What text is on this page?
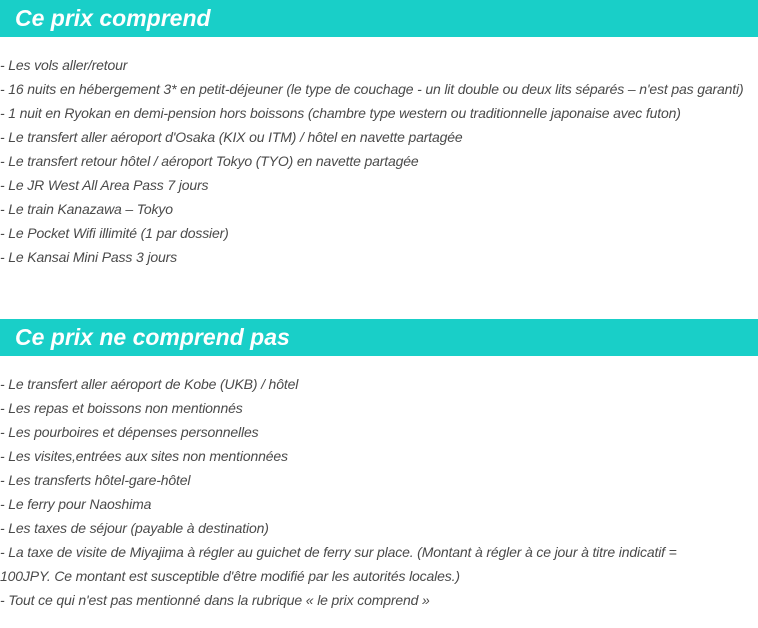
Ce prix comprend
- Les vols aller/retour
- 16 nuits en hébergement 3* en petit-déjeuner (le type de couchage - un lit double ou deux lits séparés – n'est pas garanti)
- 1 nuit en Ryokan en demi-pension hors boissons (chambre type western ou traditionnelle japonaise avec futon)
- Le transfert aller aéroport d'Osaka (KIX ou ITM) / hôtel en navette partagée
- Le transfert retour hôtel / aéroport Tokyo (TYO) en navette partagée
- Le JR West All Area Pass 7 jours
- Le train Kanazawa – Tokyo
- Le Pocket Wifi illimité (1 par dossier)
- Le Kansai Mini Pass 3 jours
Ce prix ne comprend pas
- Le transfert aller aéroport de Kobe (UKB) / hôtel
- Les repas et boissons non mentionnés
- Les pourboires et dépenses personnelles
- Les visites,entrées aux sites non mentionnées
- Les transferts hôtel-gare-hôtel
- Le ferry pour Naoshima
- Les taxes de séjour (payable à destination)
- La taxe de visite de Miyajima à régler au guichet de ferry sur place. (Montant à régler à ce jour à titre indicatif =
100JPY. Ce montant est susceptible d'être modifié par les autorités locales.)
- Tout ce qui n'est pas mentionné dans la rubrique « le prix comprend »
